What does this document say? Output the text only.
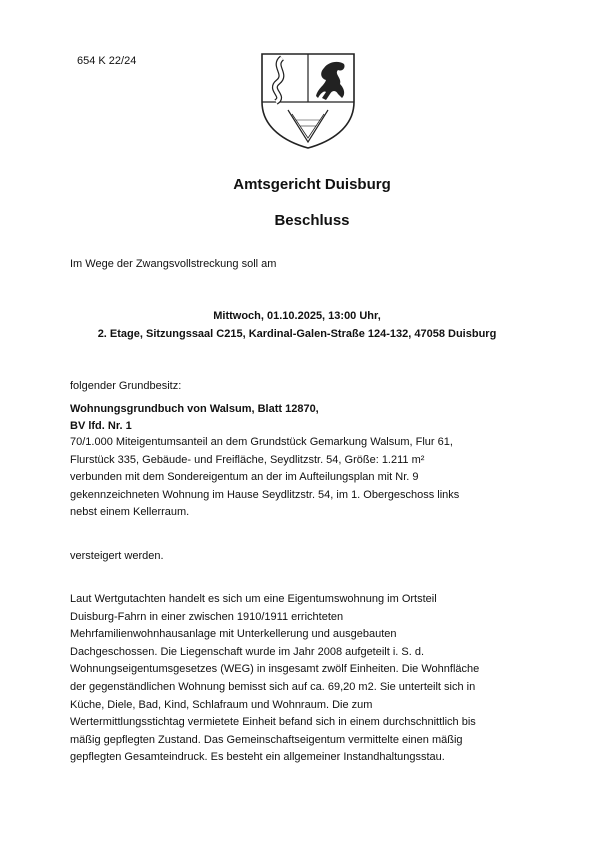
654 K 22/24
Amtsgericht Duisburg
Beschluss
Im Wege der Zwangsvollstreckung soll am
Mittwoch, 01.10.2025, 13:00 Uhr,
2. Etage, Sitzungssaal C215, Kardinal-Galen-Straße 124-132, 47058 Duisburg
folgender Grundbesitz:
Wohnungsgrundbuch von Walsum, Blatt 12870,
BV lfd. Nr. 1
70/1.000 Miteigentumsanteil an dem Grundstück Gemarkung Walsum, Flur 61,
Flurstück 335, Gebäude- und Freifläche, Seydlitzstr. 54, Größe: 1.211 m²
verbunden mit dem Sondereigentum an der im Aufteilungsplan mit Nr. 9
gekennzeichneten Wohnung im Hause Seydlitzstr. 54, im 1. Obergeschoss links
nebst einem Kellerraum.
versteigert werden.
Laut Wertgutachten handelt es sich um eine Eigentumswohnung im Ortsteil
Duisburg-Fahrn in einer zwischen 1910/1911 errichteten
Mehrfamilienwohnhausanlage mit Unterkellerung und ausgebauten
Dachgeschossen. Die Liegenschaft wurde im Jahr 2008 aufgeteilt i. S. d.
Wohnungseigentumsgesetzes (WEG) in insgesamt zwölf Einheiten. Die Wohnfläche
der gegenständlichen Wohnung bemisst sich auf ca. 69,20 m2. Sie unterteilt sich in
Küche, Diele, Bad, Kind, Schlafraum und Wohnraum. Die zum
Wertermittlungsstichtag vermietete Einheit befand sich in einem durchschnittlich bis
mäßig gepflegten Zustand. Das Gemeinschaftseigentum vermittelte einen mäßig
gepflegten Gesamteindruck. Es besteht ein allgemeiner Instandhaltungsstau.
